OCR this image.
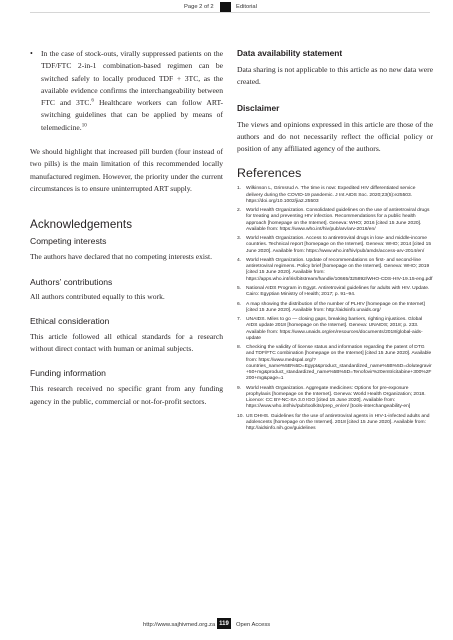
Page 2 of 2	Editorial
•	In the case of stock-outs, virally suppressed patients on the TDF/FTC 2-in-1 combination-based regimen can be switched safely to locally produced TDF + 3TC, as the available evidence confirms the interchangeability between FTC and 3TC.$^6$ Healthcare workers can follow ART-switching guidelines that can be applied by means of telemedicine.$^{10}$

We should highlight that increased pill burden (four instead of two pills) is the main limitation of this recommended locally manufactured regimen. However, the priority under the current circumstances is to ensure uninterrupted ART supply.

Acknowledgements
Competing interests

The authors have declared that no competing interests exist.

Authors’ contributions

All authors contributed equally to this work.

Ethical consideration

This article followed all ethical standards for a research without direct contact with human or animal subjects.

Funding information

This research received no specific grant from any funding agency in the public, commercial or not-for-profit sectors.

Data availability statement

Data sharing is not applicable to this article as no new data were created.

Disclaimer

The views and opinions expressed in this article are those of the authors and do not necessarily reflect the official policy or position of any affiliated agency of the authors.

References
1.	Wilkinson L, Grimsrud A. The time is now: Expedited HIV differentiated service delivery during the COVID-19 pandemic. J Int AIDS Soc. 2020;23(5):e25503. https://doi.org/10.1002/jia2.25503
2.	World Health Organization. Consolidated guidelines on the use of antiretroviral drugs for treating and preventing HIV infection. Recommendations for a public health approach [homepage on the Internet]. Geneva: WHO; 2016 [cited 15 June 2020]. Available from: https://www.who.int/hiv/pub/arv/arv-2016/en/
3.	World Health Organization. Access to antiretroviral drugs in low- and middle-income countries. Technical report [homepage on the Internet]. Geneva: WHO; 2014 [cited 15 June 2020]. Available from: https://www.who.int/hiv/pub/amds/access-arv-2014/en/
4.	World Health Organization. Update of recommendations on first- and second-line antiretroviral regimens. Policy brief [homepage on the Internet]. Geneva: WHO; 2019 [cited 15 June 2020]. Available from: https://apps.who.int/iris/bitstream/handle/10665/325892/WHO-CDS-HIV-19.15-eng.pdf
5.	National AIDS Program in Egypt. Antiretroviral guidelines for adults with HIV. Update. Cairo: Egyptian Ministry of Health; 2017; p. 91–94.
6.	A map showing the distribution of the number of PLHIV [homepage on the Internet] [cited 15 June 2020]. Available from: http://aidsinfo.unaids.org/
7.	UNAIDS. Miles to go — closing gaps, breaking barriers, righting injustices. Global AIDS update 2018 [homepage on the Internet]. Geneva: UNAIDS; 2018; p. 233. Available from: https://www.unaids.org/en/resources/documents/2018/global-aids-update
8.	Checking the validity of license status and information regarding the patent of DTG and TDF/FTC combination [homepage on the Internet] [cited 15 June 2020]. Available from: https://www.medspal.org/?countries_name%5B%5D=Egypt&product_standardized_name%5B%5D=dolutegravir+50+mg&product_standardized_name%5B%5D=Tenofovir%20emtricitabine+300%2F200+mg&page=1
9.	World Health Organization. Aggregate medicines: Options for pre-exposure prophylaxis [homepage on the Internet]. Geneva: World Health Organization; 2018. Licence: CC BY-NC-SA 3.0 IGO [cited 15 June 2020]. Available from: https://www.who.int/hiv/pub/toolkits/prep_en/en/ [tools-interchangeability-en]
10. US DHHS. Guidelines for the use of antiretroviral agents in HIV-1-infected adults and adolescents [homepage on the Internet]. 2018 [cited 15 June 2020]. Available from: http://aidsinfo.nih.gov/guidelines
http://www.sajhivmed.org.za 119	Open Access
